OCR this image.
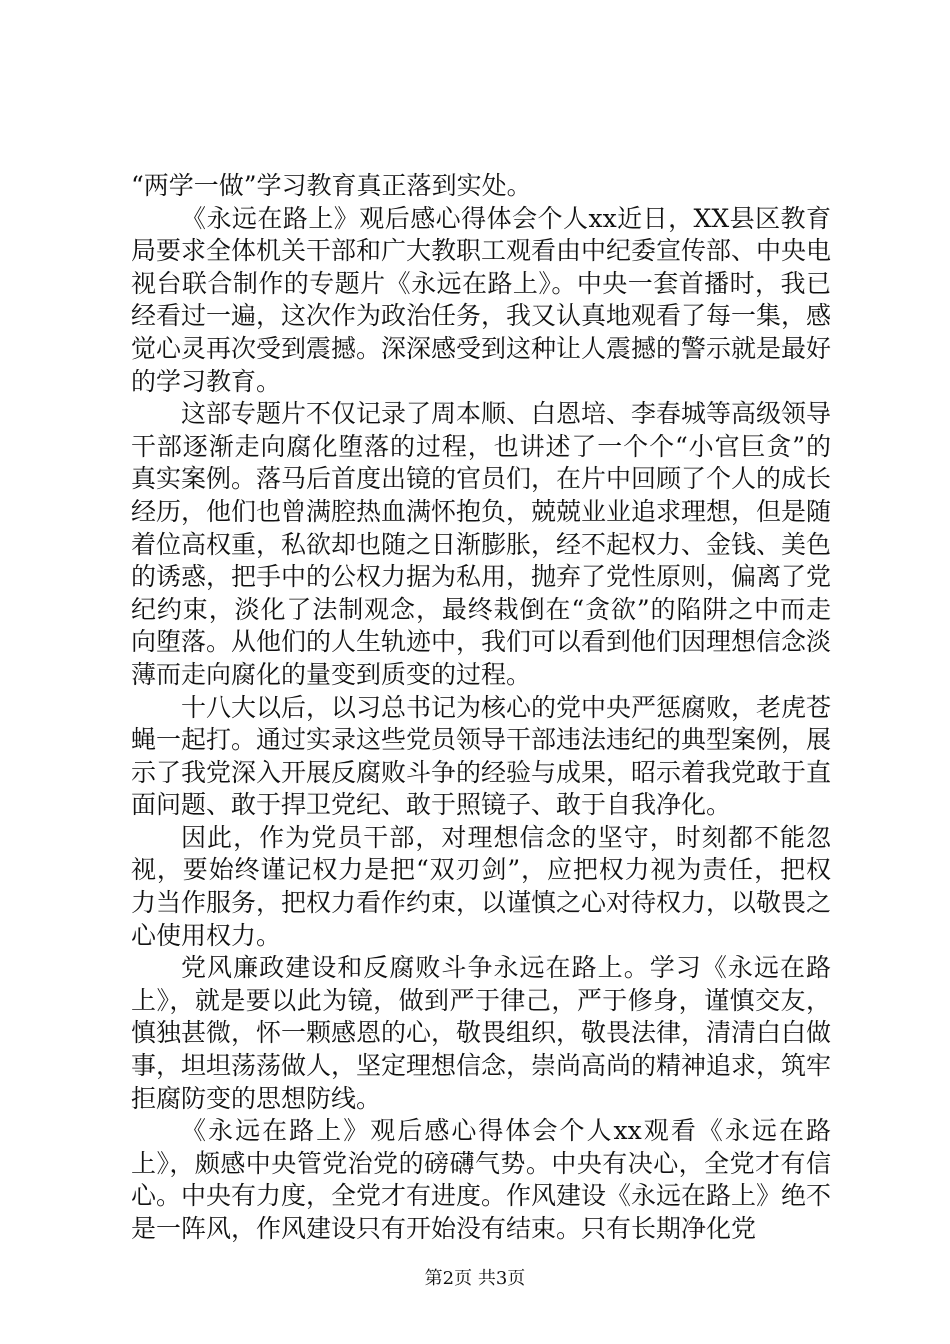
“两学一做”学习教育真正落到实处。

《永远在路上》观后感心得体会个人xx近日，XX县区教育局要求全体机关干部和广大教职工观看由中纪委宣传部、中央电视台联合制作的专题片《永远在路上》。中央一套首播时，我已经看过一遍，这次作为政治任务，我又认真地观看了每一集，感觉心灵再次受到震撼。深深感受到这种让人震撼的警示就是最好的学习教育。

这部专题片不仅记录了周本顺、白恩培、李春城等高级领导干部逐渐走向腐化堕落的过程，也讲述了一个个“小官巨贪”的真实案例。落马后首度出镜的官员们，在片中回顾了个人的成长经历，他们也曾满腔热血满怀抱负，兢兢业业追求理想，但是随着位高权重，私欲却也随之日渐膨胀，经不起权力、金钱、美色的诱惑，把手中的公权力据为私用，抛弃了党性原则，偏离了党纪约束，淡化了法制观念，最终栽倒在“贪欲”的陷阱之中而走向堕落。从他们的人生轨迹中，我们可以看到他们因理想信念淡薄而走向腐化的量变到质变的过程。

十八大以后，以习总书记为核心的党中央严惩腐败，老虎苍蝇一起打。通过实录这些党员领导干部违法违纪的典型案例，展示了我党深入开展反腐败斗争的经验与成果，昭示着我党敢于直面问题、敢于捍卫党纪、敢于照镜子、敢于自我净化。

因此，作为党员干部，对理想信念的坚守，时刻都不能忽视，要始终谨记权力是把“双刃剑”，应把权力视为责任，把权力当作服务，把权力看作约束，以谨慎之心对待权力，以敬畏之心使用权力。

党风廉政建设和反腐败斗争永远在路上。学习《永远在路上》，就是要以此为镜，做到严于律己，严于修身，谨慎交友，慎独甚微，怀一颗感恩的心，敬畏组织，敬畏法律，清清白白做事，坦坦荡荡做人，坚定理想信念，崇尚高尚的精神追求，筑牢拒腐防变的思想防线。

《永远在路上》观后感心得体会个人xx观看《永远在路上》，颇感中央管党治党的磅礴气势。中央有决心，全党才有信心。中央有力度，全党才有进度。作风建设《永远在路上》绝不是一阵风，作风建设只有开始没有结束。只有长期净化党

第2页 共3页
